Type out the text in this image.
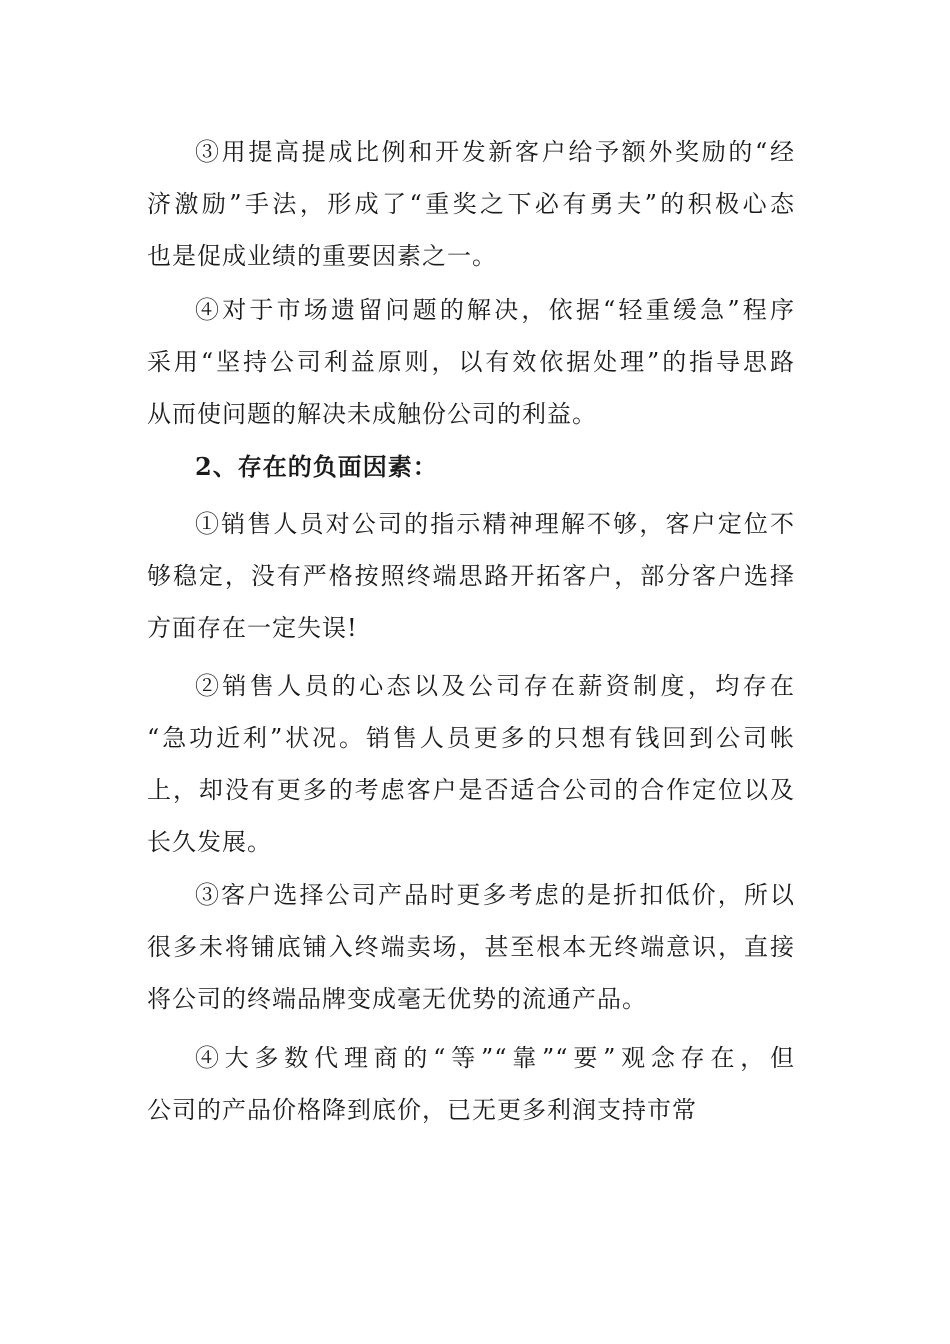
③用提高提成比例和开发新客户给予额外奖励的“经
济激励”手法，形成了“重奖之下必有勇夫”的积极心态
也是促成业绩的重要因素之一。
④对于市场遗留问题的解决，依据“轻重缓急”程序
采用“坚持公司利益原则，以有效依据处理”的指导思路
从而使问题的解决未成触份公司的利益。
2、存在的负面因素：
①销售人员对公司的指示精神理解不够，客户定位不
够稳定，没有严格按照终端思路开拓客户，部分客户选择
方面存在一定失误!
②销售人员的心态以及公司存在薪资制度，均存在
“急功近利”状况。销售人员更多的只想有钱回到公司帐
上，却没有更多的考虑客户是否适合公司的合作定位以及
长久发展。
③客户选择公司产品时更多考虑的是折扣低价，所以
很多未将铺底铺入终端卖场，甚至根本无终端意识，直接
将公司的终端品牌变成毫无优势的流通产品。
④大多数代理商的“等”“靠”“要”观念存在，但
公司的产品价格降到底价，已无更多利润支持市常
